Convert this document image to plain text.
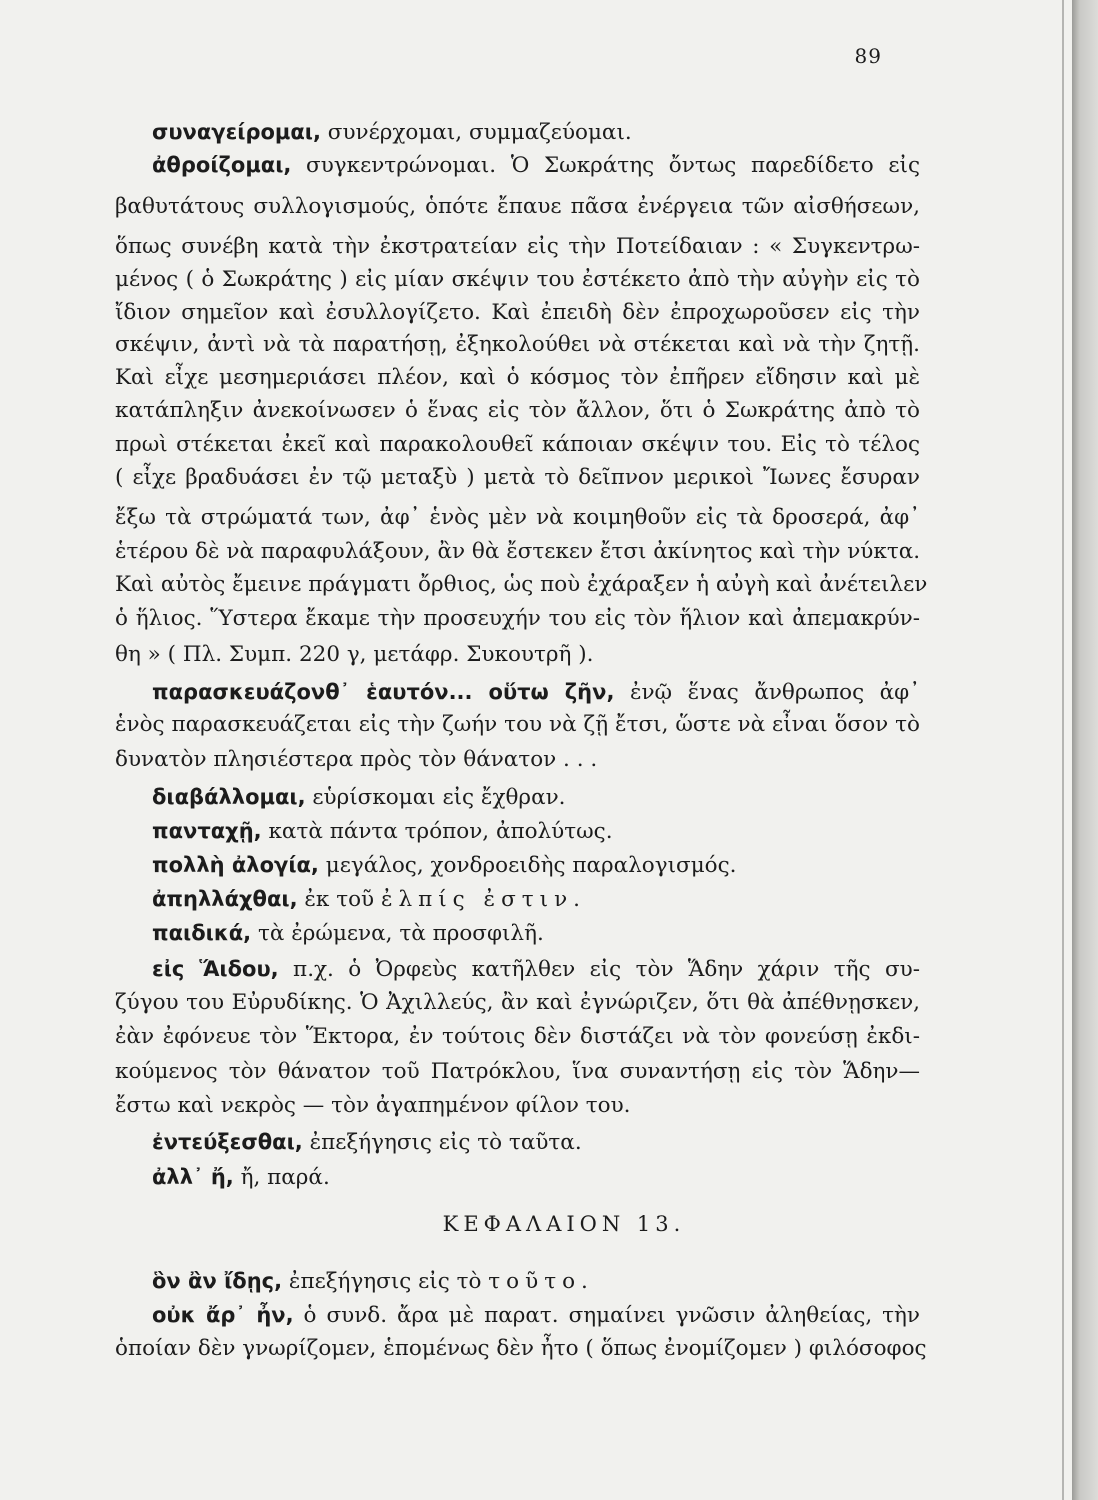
89
συναγείρομαι, συνέρχομαι, συμμαζεύομαι.
ἀθροίζομαι, συγκεντρώνομαι. Ὁ Σωκράτης ὄντως παρεδίδετο εἰς
βαθυτάτους συλλογισμούς, ὁπότε ἔπαυε πᾶσα ἐνέργεια τῶν αἰσθήσεων,
ὅπως συνέβη κατὰ τὴν ἐκστρατείαν εἰς τὴν Ποτείδαιαν : « Συγκεντρω-
μένος ( ὁ Σωκράτης ) εἰς μίαν σκέψιν του ἐστέκετο ἀπὸ τὴν αὐγὴν εἰς τὸ
ἴδιον σημεῖον καὶ ἐσυλλογίζετο. Καὶ ἐπειδὴ δὲν ἐπροχωροῦσεν εἰς τὴν
σκέψιν, ἀντὶ νὰ τὰ παρατήσῃ, ἐξηκολούθει νὰ στέκεται καὶ νὰ τὴν ζητῇ.
Καὶ εἶχε μεσημεριάσει πλέον, καὶ ὁ κόσμος τὸν ἐπῆρεν εἴδησιν καὶ μὲ
κατάπληξιν ἀνεκοίνωσεν ὁ ἕνας εἰς τὸν ἄλλον, ὅτι ὁ Σωκράτης ἀπὸ τὸ
πρωὶ στέκεται ἐκεῖ καὶ παρακολουθεῖ κάποιαν σκέψιν του. Εἰς τὸ τέλος
( εἶχε βραδυάσει ἐν τῷ μεταξὺ ) μετὰ τὸ δεῖπνον μερικοὶ Ἴωνες ἔσυραν
ἔξω τὰ στρώματά των, ἀφ᾽ ἑνὸς μὲν νὰ κοιμηθοῦν εἰς τὰ δροσερά, ἀφ᾽
ἑτέρου δὲ νὰ παραφυλάξουν, ἂν θὰ ἔστεκεν ἔτσι ἀκίνητος καὶ τὴν νύκτα.
Καὶ αὐτὸς ἔμεινε πράγματι ὄρθιος, ὡς ποὺ ἐχάραξεν ἡ αὐγὴ καὶ ἀνέτειλεν
ὁ ἥλιος. Ὕστερα ἔκαμε τὴν προσευχήν του εἰς τὸν ἥλιον καὶ ἀπεμακρύν-
θη » ( Πλ. Συμπ. 220 γ, μετάφρ. Συκουτρῆ ).
παρασκευάζονθ᾽ ἑαυτόν... οὕτω ζῆν, ἐνῷ ἕνας ἄνθρωπος ἀφ᾽
ἑνὸς παρασκευάζεται εἰς τὴν ζωήν του νὰ ζῇ ἔτσι, ὥστε νὰ εἶναι ὅσον τὸ
δυνατὸν πλησιέστερα πρὸς τὸν θάνατον . . .
διαβάλλομαι, εὑρίσκομαι εἰς ἔχθραν.
πανταχῇ, κατὰ πάντα τρόπον, ἀπολύτως.
πολλὴ ἀλογία, μεγάλος, χονδροειδὴς παραλογισμός.
ἀπηλλάχθαι, ἐκ τοῦ ἐλπίς ἐστιν.
παιδικά, τὰ ἐρώμενα, τὰ προσφιλῆ.
εἰς Ἅιδου, π.χ. ὁ Ὀρφεὺς κατῆλθεν εἰς τὸν Ἅδην χάριν τῆς συ-
ζύγου του Εὐρυδίκης. Ὁ Ἀχιλλεύς, ἂν καὶ ἐγνώριζεν, ὅτι θὰ ἀπέθνῃσκεν,
ἐὰν ἐφόνευε τὸν Ἕκτορα, ἐν τούτοις δὲν διστάζει νὰ τὸν φονεύσῃ ἐκδι-
κούμενος τὸν θάνατον τοῦ Πατρόκλου, ἵνα συναντήσῃ εἰς τὸν Ἅδην—
ἔστω καὶ νεκρὸς — τὸν ἀγαπημένον φίλον του.
ἐντεύξεσθαι, ἐπεξήγησις εἰς τὸ ταῦτα.
ἀλλ᾽ ἤ, ἤ, παρά.
ΚΕΦΑΛΑΙΟΝ 13.
ὃν ἂν ἴδῃς, ἐπεξήγησις εἰς τὸ τοῦτο.
οὐκ ἄρ᾽ ἦν, ὁ συνδ. ἄρα μὲ παρατ. σημαίνει γνῶσιν ἀληθείας, τὴν
ὁποίαν δὲν γνωρίζομεν, ἑπομένως δὲν ἦτο ( ὅπως ἐνομίζομεν ) φιλόσοφος
